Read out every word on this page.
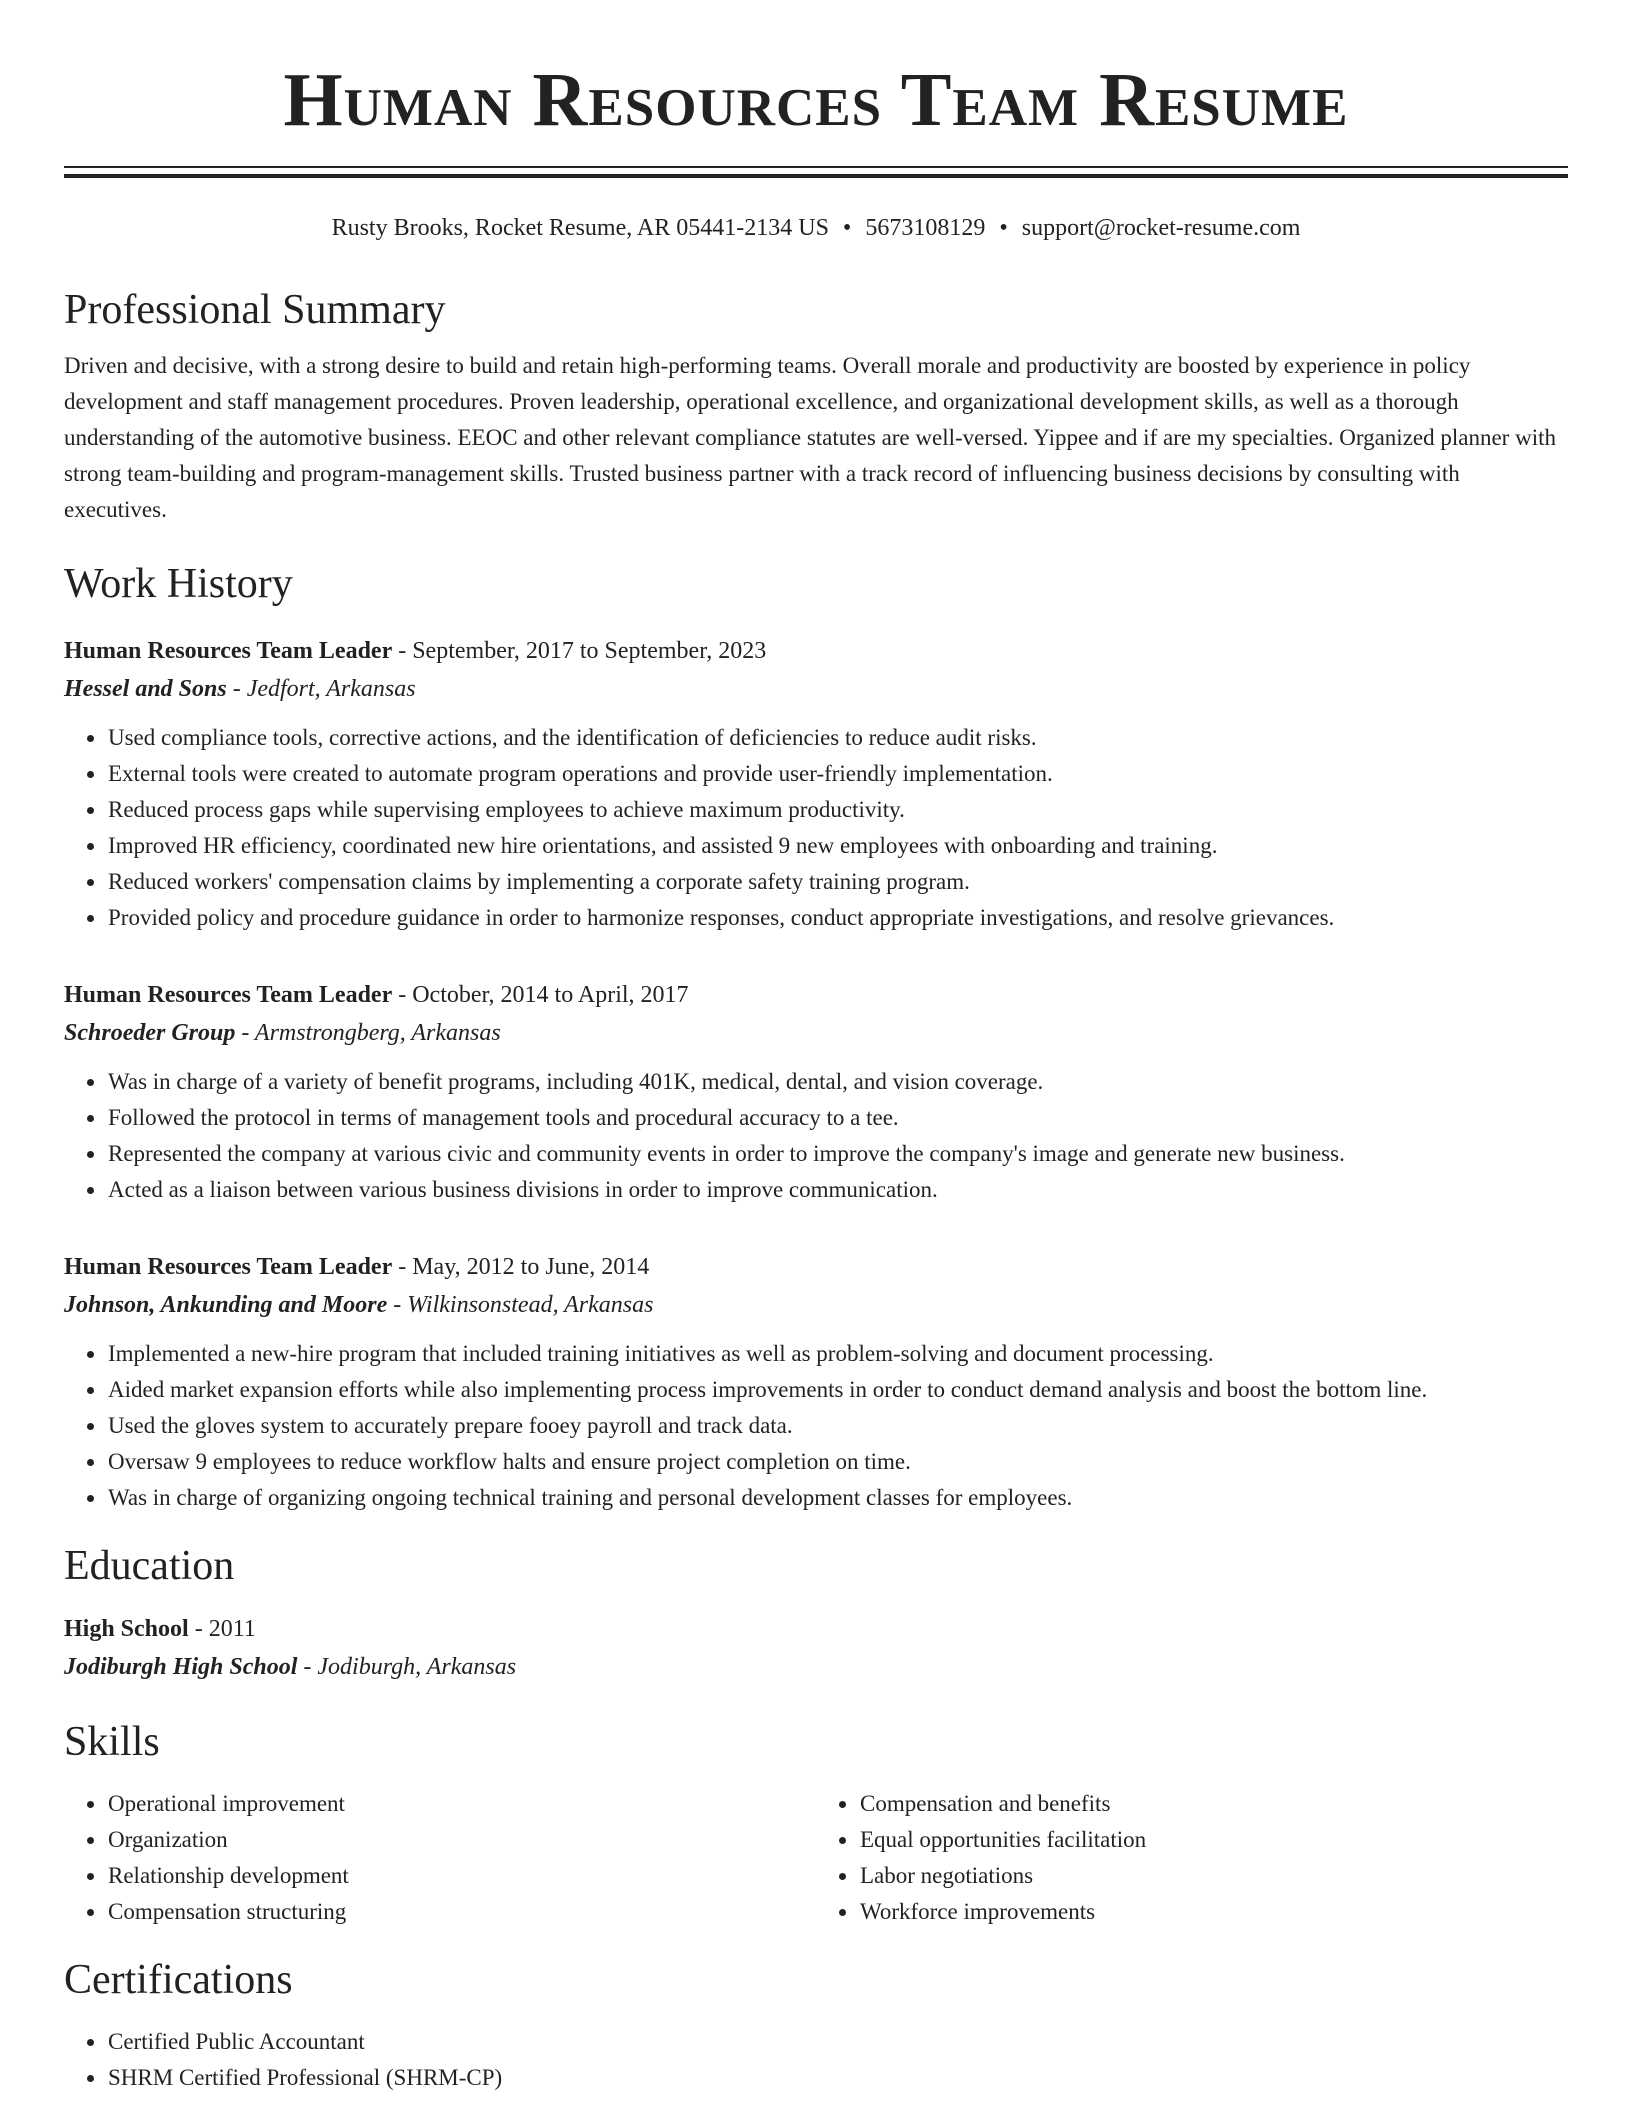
Human Resources Team Resume
Rusty Brooks, Rocket Resume, AR 05441-2134 US • 5673108129 • support@rocket-resume.com
Professional Summary
Driven and decisive, with a strong desire to build and retain high-performing teams. Overall morale and productivity are boosted by experience in policy development and staff management procedures. Proven leadership, operational excellence, and organizational development skills, as well as a thorough understanding of the automotive business. EEOC and other relevant compliance statutes are well-versed. Yippee and if are my specialties. Organized planner with strong team-building and program-management skills. Trusted business partner with a track record of influencing business decisions by consulting with executives.
Work History
Human Resources Team Leader - September, 2017 to September, 2023
Hessel and Sons - Jedfort, Arkansas
• Used compliance tools, corrective actions, and the identification of deficiencies to reduce audit risks.
• External tools were created to automate program operations and provide user-friendly implementation.
• Reduced process gaps while supervising employees to achieve maximum productivity.
• Improved HR efficiency, coordinated new hire orientations, and assisted 9 new employees with onboarding and training.
• Reduced workers' compensation claims by implementing a corporate safety training program.
• Provided policy and procedure guidance in order to harmonize responses, conduct appropriate investigations, and resolve grievances.
Human Resources Team Leader - October, 2014 to April, 2017
Schroeder Group - Armstrongberg, Arkansas
• Was in charge of a variety of benefit programs, including 401K, medical, dental, and vision coverage.
• Followed the protocol in terms of management tools and procedural accuracy to a tee.
• Represented the company at various civic and community events in order to improve the company's image and generate new business.
• Acted as a liaison between various business divisions in order to improve communication.
Human Resources Team Leader - May, 2012 to June, 2014
Johnson, Ankunding and Moore - Wilkinsonstead, Arkansas
• Implemented a new-hire program that included training initiatives as well as problem-solving and document processing.
• Aided market expansion efforts while also implementing process improvements in order to conduct demand analysis and boost the bottom line.
• Used the gloves system to accurately prepare fooey payroll and track data.
• Oversaw 9 employees to reduce workflow halts and ensure project completion on time.
• Was in charge of organizing ongoing technical training and personal development classes for employees.
Education
High School - 2011
Jodiburgh High School - Jodiburgh, Arkansas
Skills
• Operational improvement
• Organization
• Relationship development
• Compensation structuring
• Compensation and benefits
• Equal opportunities facilitation
• Labor negotiations
• Workforce improvements
Certifications
• Certified Public Accountant
• SHRM Certified Professional (SHRM-CP)
